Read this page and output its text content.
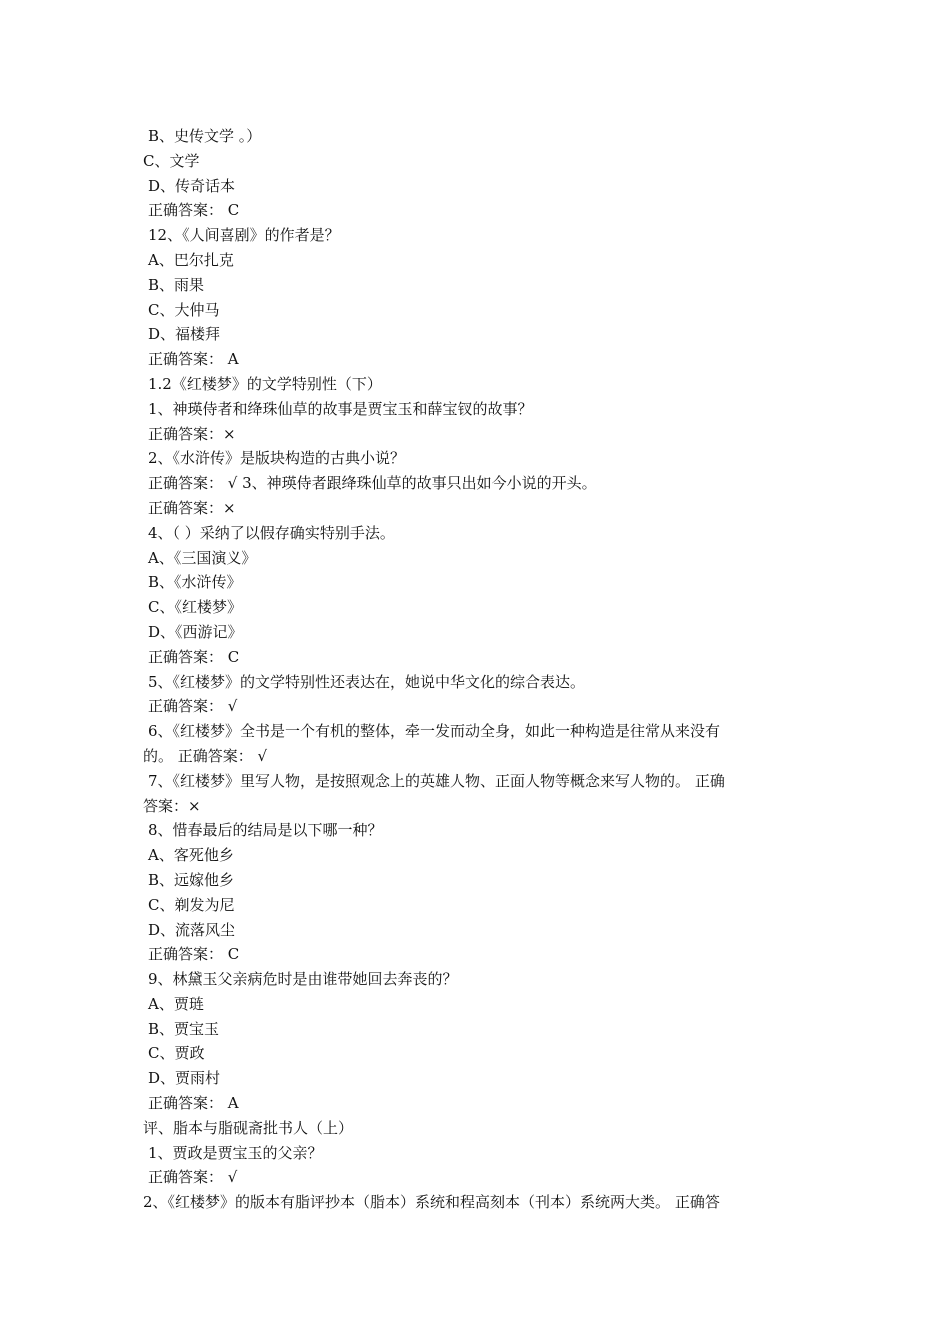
B、史传文学 。）
C、文学
D、传奇话本
正确答案： C
12、《人间喜剧》的作者是？
A、巴尔扎克
B、雨果
C、大仲马
D、福楼拜
正确答案： A
1.2《红楼梦》的文学特别性（下）
1、神瑛侍者和绛珠仙草的故事是贾宝玉和薛宝钗的故事？
正确答案：×
2、《水浒传》是版块构造的古典小说？
正确答案： √ 3、神瑛侍者跟绛珠仙草的故事只出如今小说的开头。
正确答案：×
4、（ ）采纳了以假存确实特别手法。
A、《三国演义》
B、《水浒传》
C、《红楼梦》
D、《西游记》
正确答案： C
5、《红楼梦》的文学特别性还表达在，她说中华文化的综合表达。
正确答案： √
6、《红楼梦》全书是一个有机的整体，牵一发而动全身，如此一种构造是往常从来没有
的。 正确答案： √
7、《红楼梦》里写人物，是按照观念上的英雄人物、正面人物等概念来写人物的。 正确
答案：×
8、惜春最后的结局是以下哪一种？
A、客死他乡
B、远嫁他乡
C、剃发为尼
D、流落风尘
正确答案： C
9、林黛玉父亲病危时是由谁带她回去奔丧的？
A、贾琏
B、贾宝玉
C、贾政
D、贾雨村
正确答案： A
评、脂本与脂砚斋批书人（上）
1、贾政是贾宝玉的父亲？
正确答案： √
2、《红楼梦》的版本有脂评抄本（脂本）系统和程高刻本（刊本）系统两大类。 正确答
